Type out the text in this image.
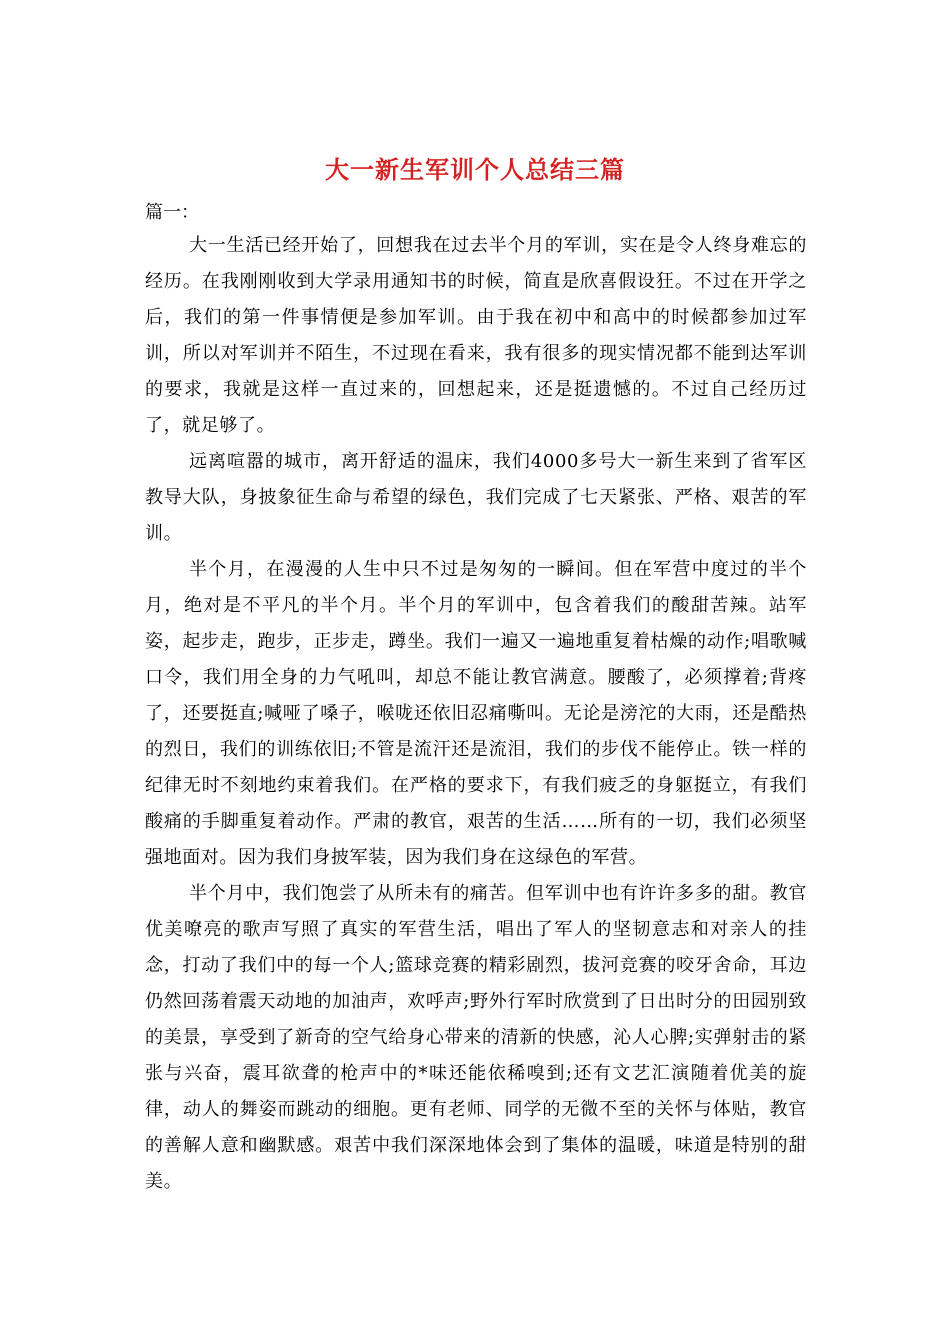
大一新生军训个人总结三篇

篇一：

大一生活已经开始了，回想我在过去半个月的军训，实在是令人终身难忘的经历。在我刚刚收到大学录用通知书的时候，简直是欣喜假设狂。不过在开学之后，我们的第一件事情便是参加军训。由于我在初中和高中的时候都参加过军训，所以对军训并不陌生，不过现在看来，我有很多的现实情况都不能到达军训的要求，我就是这样一直过来的，回想起来，还是挺遗憾的。不过自己经历过了，就足够了。

远离喧嚣的城市，离开舒适的温床，我们4000多号大一新生来到了省军区教导大队，身披象征生命与希望的绿色，我们完成了七天紧张、严格、艰苦的军训。

半个月，在漫漫的人生中只不过是匆匆的一瞬间。但在军营中度过的半个月，绝对是不平凡的半个月。半个月的军训中，包含着我们的酸甜苦辣。站军姿，起步走，跑步，正步走，蹲坐。我们一遍又一遍地重复着枯燥的动作;唱歌喊口令，我们用全身的力气吼叫，却总不能让教官满意。腰酸了，必须撑着;背疼了，还要挺直;喊哑了嗓子，喉咙还依旧忍痛嘶叫。无论是滂沱的大雨，还是酷热的烈日，我们的训练依旧;不管是流汗还是流泪，我们的步伐不能停止。铁一样的纪律无时不刻地约束着我们。在严格的要求下，有我们疲乏的身躯挺立，有我们酸痛的手脚重复着动作。严肃的教官，艰苦的生活……所有的一切，我们必须坚强地面对。因为我们身披军装，因为我们身在这绿色的军营。

半个月中，我们饱尝了从所未有的痛苦。但军训中也有许许多多的甜。教官优美嘹亮的歌声写照了真实的军营生活，唱出了军人的坚韧意志和对亲人的挂念，打动了我们中的每一个人;篮球竞赛的精彩剧烈，拔河竞赛的咬牙舍命，耳边仍然回荡着震天动地的加油声，欢呼声;野外行军时欣赏到了日出时分的田园别致的美景，享受到了新奇的空气给身心带来的清新的快感，沁人心脾;实弹射击的紧张与兴奋，震耳欲聋的枪声中的*味还能依稀嗅到;还有文艺汇演随着优美的旋律，动人的舞姿而跳动的细胞。更有老师、同学的无微不至的关怀与体贴，教官的善解人意和幽默感。艰苦中我们深深地体会到了集体的温暖，味道是特别的甜美。
